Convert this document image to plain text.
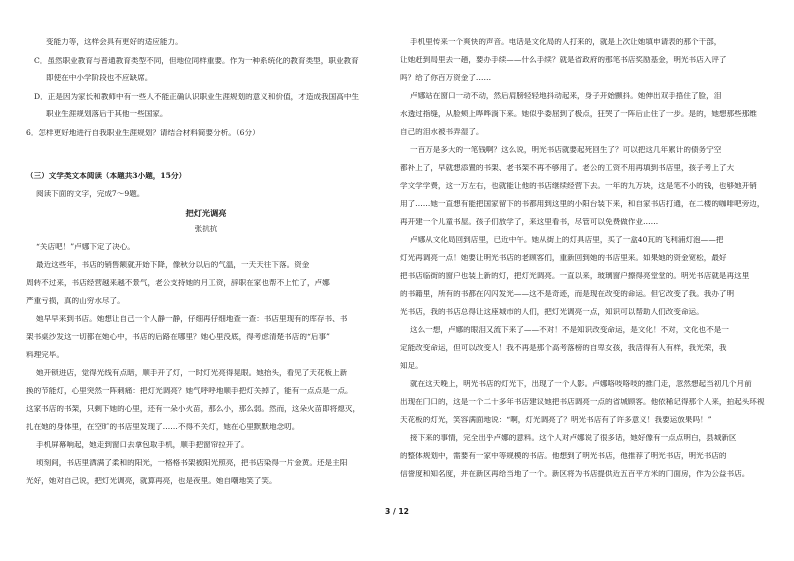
变能力等，这样会具有更好的适应能力。
C．虽然职业教育与普通教育类型不同，但地位同样重要。作为一种系统化的教育类型，职业教育
即使在中小学阶段也不应缺席。
D．正是因为家长和教师中有一些人不能正确认识职业生涯规划的意义和价值，才造成我国高中生
职业生涯规划落后于其他一些国家。
6．怎样更好地进行自我职业生涯规划？请结合材料简要分析。（6分）
（三）文学类文本阅读（本题共3小题，15分）
阅读下面的文字，完成7～9题。
把灯光调亮
张抗抗
“关店吧！”卢娜下定了决心。
最近这些年，书店的销售额就开始下降，像秋分以后的气温，一天天往下落。资金
周转不过来，书店经营越来越不景气，老公支持她的月工资，辞职在家也帮不上忙了，卢娜
严重亏损，真的山穷水尽了。
她早早来到书店。她想让自己一个人静一静，仔细再仔细地查一查：书店里现有的库存书、书
架书桌沙发这一切都在她心中，书店的后路在哪里？她心里没底，得考虑清楚书店的“后事”
料理完毕。
她开锁进店，觉得光线有点暗，顺手开了灯，一时灯光亮得晃眼。她抬头，看见了天花板上新
换的节能灯，心里突然一阵刺痛：把灯光调亮？她气呼呼地顺手把灯关掉了，能有一点点是一点。
这家书店的书架，只剩下她的心里，还有一朵小火苗，那么小，那么弱。然而，这朵火苗即将熄灭，
扎在她的身体里，在空旷的书店里发现了……不得不关灯，她在心里默默地念叨。
手机屏幕响起，她走到窗口去拿包取手机，顺手把窗帘拉开了。
顷刻间，书店里洒满了柔和的阳光，一格格书架被阳光照亮，把书店染得一片金黄。还是主阳
光好，她对自己说，把灯光调亮，就算再亮，也是夜里。她自嘲地笑了笑。
手机里传来一个爽快的声音。电话是文化局的人打来的，就是上次让她填申请表的那个干部，
让她赶到局里去一趟，要办手续——什么手续？就是省政府的那笔书店奖励基金，明光书店入评了
吗？给了你百万资金了……
卢娜站在窗口一动不动，然后肩膀轻轻地抖动起来，身子开始颤抖。她伸出双手捂住了脸，泪
水透过指缝，从脸颊上哗哗淌下来。她似乎委屈到了极点，狂哭了一阵后止住了一步。是的，她想那些那维
自己的泪水被书弄湿了。
一百万是多大的一笔钱啊？这么说，明光书店就要起死回生了？可以把这几年累计的债务宁空
都补上了，早就想添置的书架、老书架不再不够用了。老公的工资不用再填到书店里，孩子考上了大
学文学学费，这一万左右，也就能让他的书店继续经营下去。一年的九万块，这是笔不小的钱，也够她开销
用了……她一直想有能把国家留下的书都用到这里的小阳台装下来，和自家书店打通，在二楼的咖啡吧旁边，
再开建一个儿童书屋。孩子们放学了，来这里看书，尽管可以免费做作业……
卢娜从文化局回到店里，已近中午。她从街上的灯具店里，买了一盒40瓦的飞利浦灯泡——把
灯光再调亮一点！她要让明光书店的老顾客们，重新回到她的书店里来。如果她的资金宽松，最好
把书店临街的窗户也装上新的灯，把灯光调亮。一直以来，玻璃窗户擦得亮堂堂的。明光书店就是再这里
的书籍里，所有的书都在闪闪发光——这不是奇迹，而是现在改变的命运。但它改变了我。我办了明
光书店，我的书店总得让这座城市的人们，把灯光调亮一点，知识可以帮助人们改变命运。
这么一想，卢娜的眼泪又流下来了——不对！不是知识改变命运，是文化！不对，文化也不是一
定能改变命运，但可以改变人！我不再是那个高考落榜的自卑女孩，我活得有人有样，我光荣，我
知足。
就在这天晚上，明光书店的灯光下，出现了一个人影。卢娜咯吱咯吱的推门走，忽然想起当初几个月前
出现在门口的，这是一个二十多年书店建议她把书店调亮一点的省城顾客。他依稀记得那个人来，拍起头环视
天花板的灯光，笑容满面地说：“啊，灯光调亮了？明光书店有了许多意义！我要运放果吗！”
接下来的事情，完全出乎卢娜的意料。这个人对卢娜说了很多话，她好像有一点点明白，县城新区
的整体规划中，需要有一家中等规模的书店。他想到了明光书店，他推荐了明光书店，明光书店的
信誉度和知名度，并在新区再给当地了一个。新区将为书店提供近五百平方米的门面房，作为公益书店。
3 / 12
